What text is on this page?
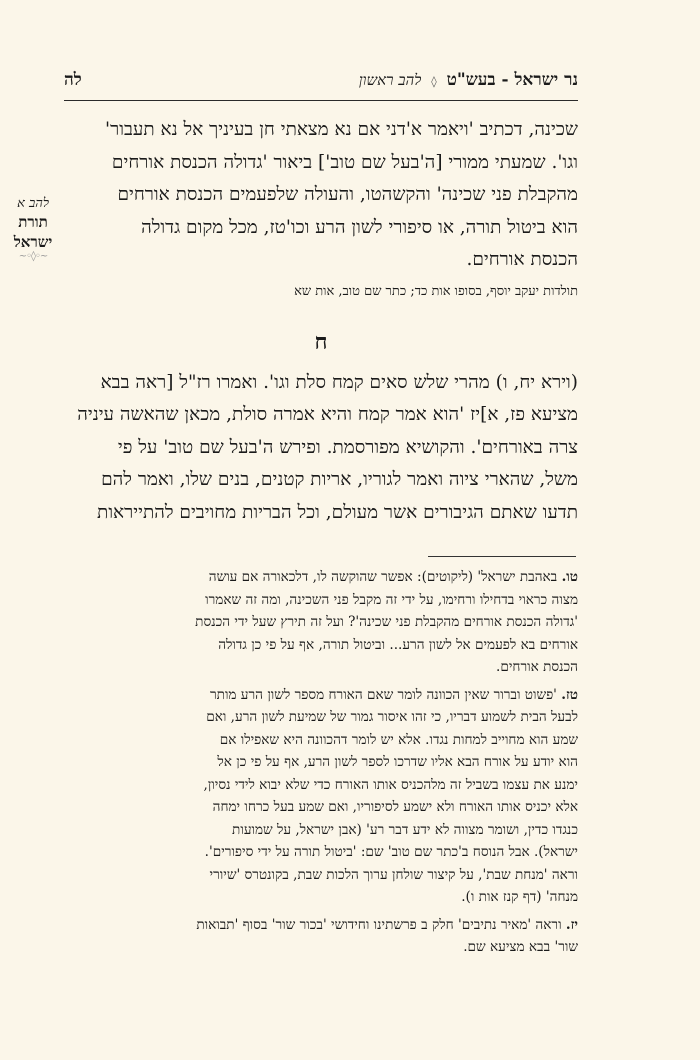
נר ישראל - בעש"ט ◊ להב ראשון
לה
להב א
תורת
ישראל
~◦◊◦~
שכינה, דכתיב 'ויאמר א'דני אם נא מצאתי חן בעיניך אל נא תעבור'
וגו'. שמעתי ממורי [ה'בעל שם טוב'] ביאור 'גדולה הכנסת אורחים
מהקבלת פני שכינה' והקשהטו, והעולה שלפעמים הכנסת אורחים
הוא ביטול תורה, או סיפורי לשון הרע וכו'טז, מכל מקום גדולה
הכנסת אורחים.
תולדות יעקב יוסף, בסופו אות כד; כתר שם טוב, אות שא
ח
(וירא יח, ו) מהרי שלש סאים קמח סלת וגו'. ואמרו רז"ל [ראה בבא
מציעא פז, א]יז 'הוא אמר קמח והיא אמרה סולת, מכאן שהאשה עיניה
צרה באורחים'. והקושיא מפורסמת. ופירש ה'בעל שם טוב' על פי
משל, שהארי ציוה ואמר לגוריו, אריות קטנים, בנים שלו, ואמר להם
תדעו שאתם הגיבורים אשר מעולם, וכל הבריות מחויבים להתייראות
טו. באהבת ישראל' (ליקוטים): אפשר שהוקשה לו, דלכאורה אם עושה
מצוה כראוי בדחילו ורחימו, על ידי זה מקבל פני השכינה, ומה זה שאמרו
'גדולה הכנסת אורחים מהקבלת פני שכינה'? ועל זה תירץ שעל ידי הכנסת
אורחים בא לפעמים אל לשון הרע... וביטול תורה, אף על פי כן גדולה
הכנסת אורחים.
טז. 'פשוט וברור שאין הכוונה לומר שאם האורח מספר לשון הרע מותר
לבעל הבית לשמוע דבריו, כי זהו איסור גמור של שמיעת לשון הרע, ואם
שמע הוא מחוייב למחות נגדו. אלא יש לומר דהכוונה היא שאפילו אם
הוא יודע על אורח הבא אליו שדרכו לספר לשון הרע, אף על פי כן אל
ימנע את עצמו בשביל זה מלהכניס אותו האורח כדי שלא יבוא לידי נסיון,
אלא יכניס אותו האורח ולא ישמע לסיפוריו, ואם שמע בעל כרחו ימחה
כנגדו כדין, ושומר מצווה לא ידע דבר רע' (אבן ישראל, על שמועות
ישראל). אבל הנוסח ב'כתר שם טוב' שם: 'ביטול תורה על ידי סיפורים'.
וראה 'מנחת שבת', על קיצור שולחן ערוך הלכות שבת, בקונטרס 'שיורי
מנחה' (דף קנז אות ו).
יז. וראה 'מאיר נתיבים' חלק ב פרשתינו וחידושי 'בכור שור' בסוף 'תבואות
שור' בבא מציעא שם.
